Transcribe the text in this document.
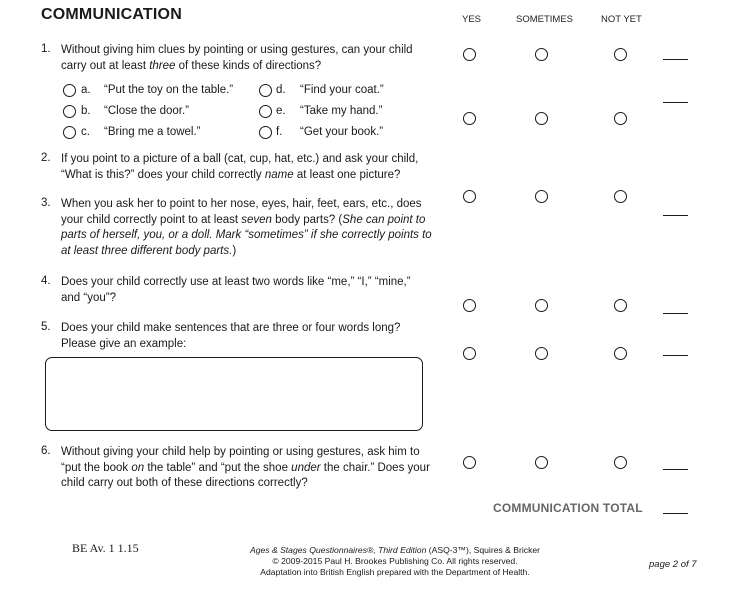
COMMUNICATION	YES	SOMETIMES	NOT YET
1. Without giving him clues by pointing or using gestures, can your child
carry out at least three of these kinds of directions?
a. “Put the toy on the table.”
b. “Close the door.”
c. “Bring me a towel.”
d. “Find your coat.”
e. “Take my hand.”
f. “Get your book.”
2. If you point to a picture of a ball (cat, cup, hat, etc.) and ask your child,
“What is this?” does your child correctly name at least one picture?
3. When you ask her to point to her nose, eyes, hair, feet, ears, etc., does
your child correctly point to at least seven body parts? (She can point to
parts of herself, you, or a doll. Mark “sometimes” if she correctly points to
at least three different body parts.)
4. Does your child correctly use at least two words like “me,” “I,” “mine,”
and “you”?
5. Does your child make sentences that are three or four words long?
Please give an example:
6. Without giving your child help by pointing or using gestures, ask him to
“put the book on the table” and “put the shoe under the chair.” Does your
child carry out both of these directions correctly?
COMMUNICATION TOTAL
BE Av. 1 1.15	Ages & Stages Questionnaires®, Third Edition (ASQ-3™), Squires & Bricker
© 2009-2015 Paul H. Brookes Publishing Co. All rights reserved.
Adaptation into British English prepared with the Department of Health.
page 2 of 7
